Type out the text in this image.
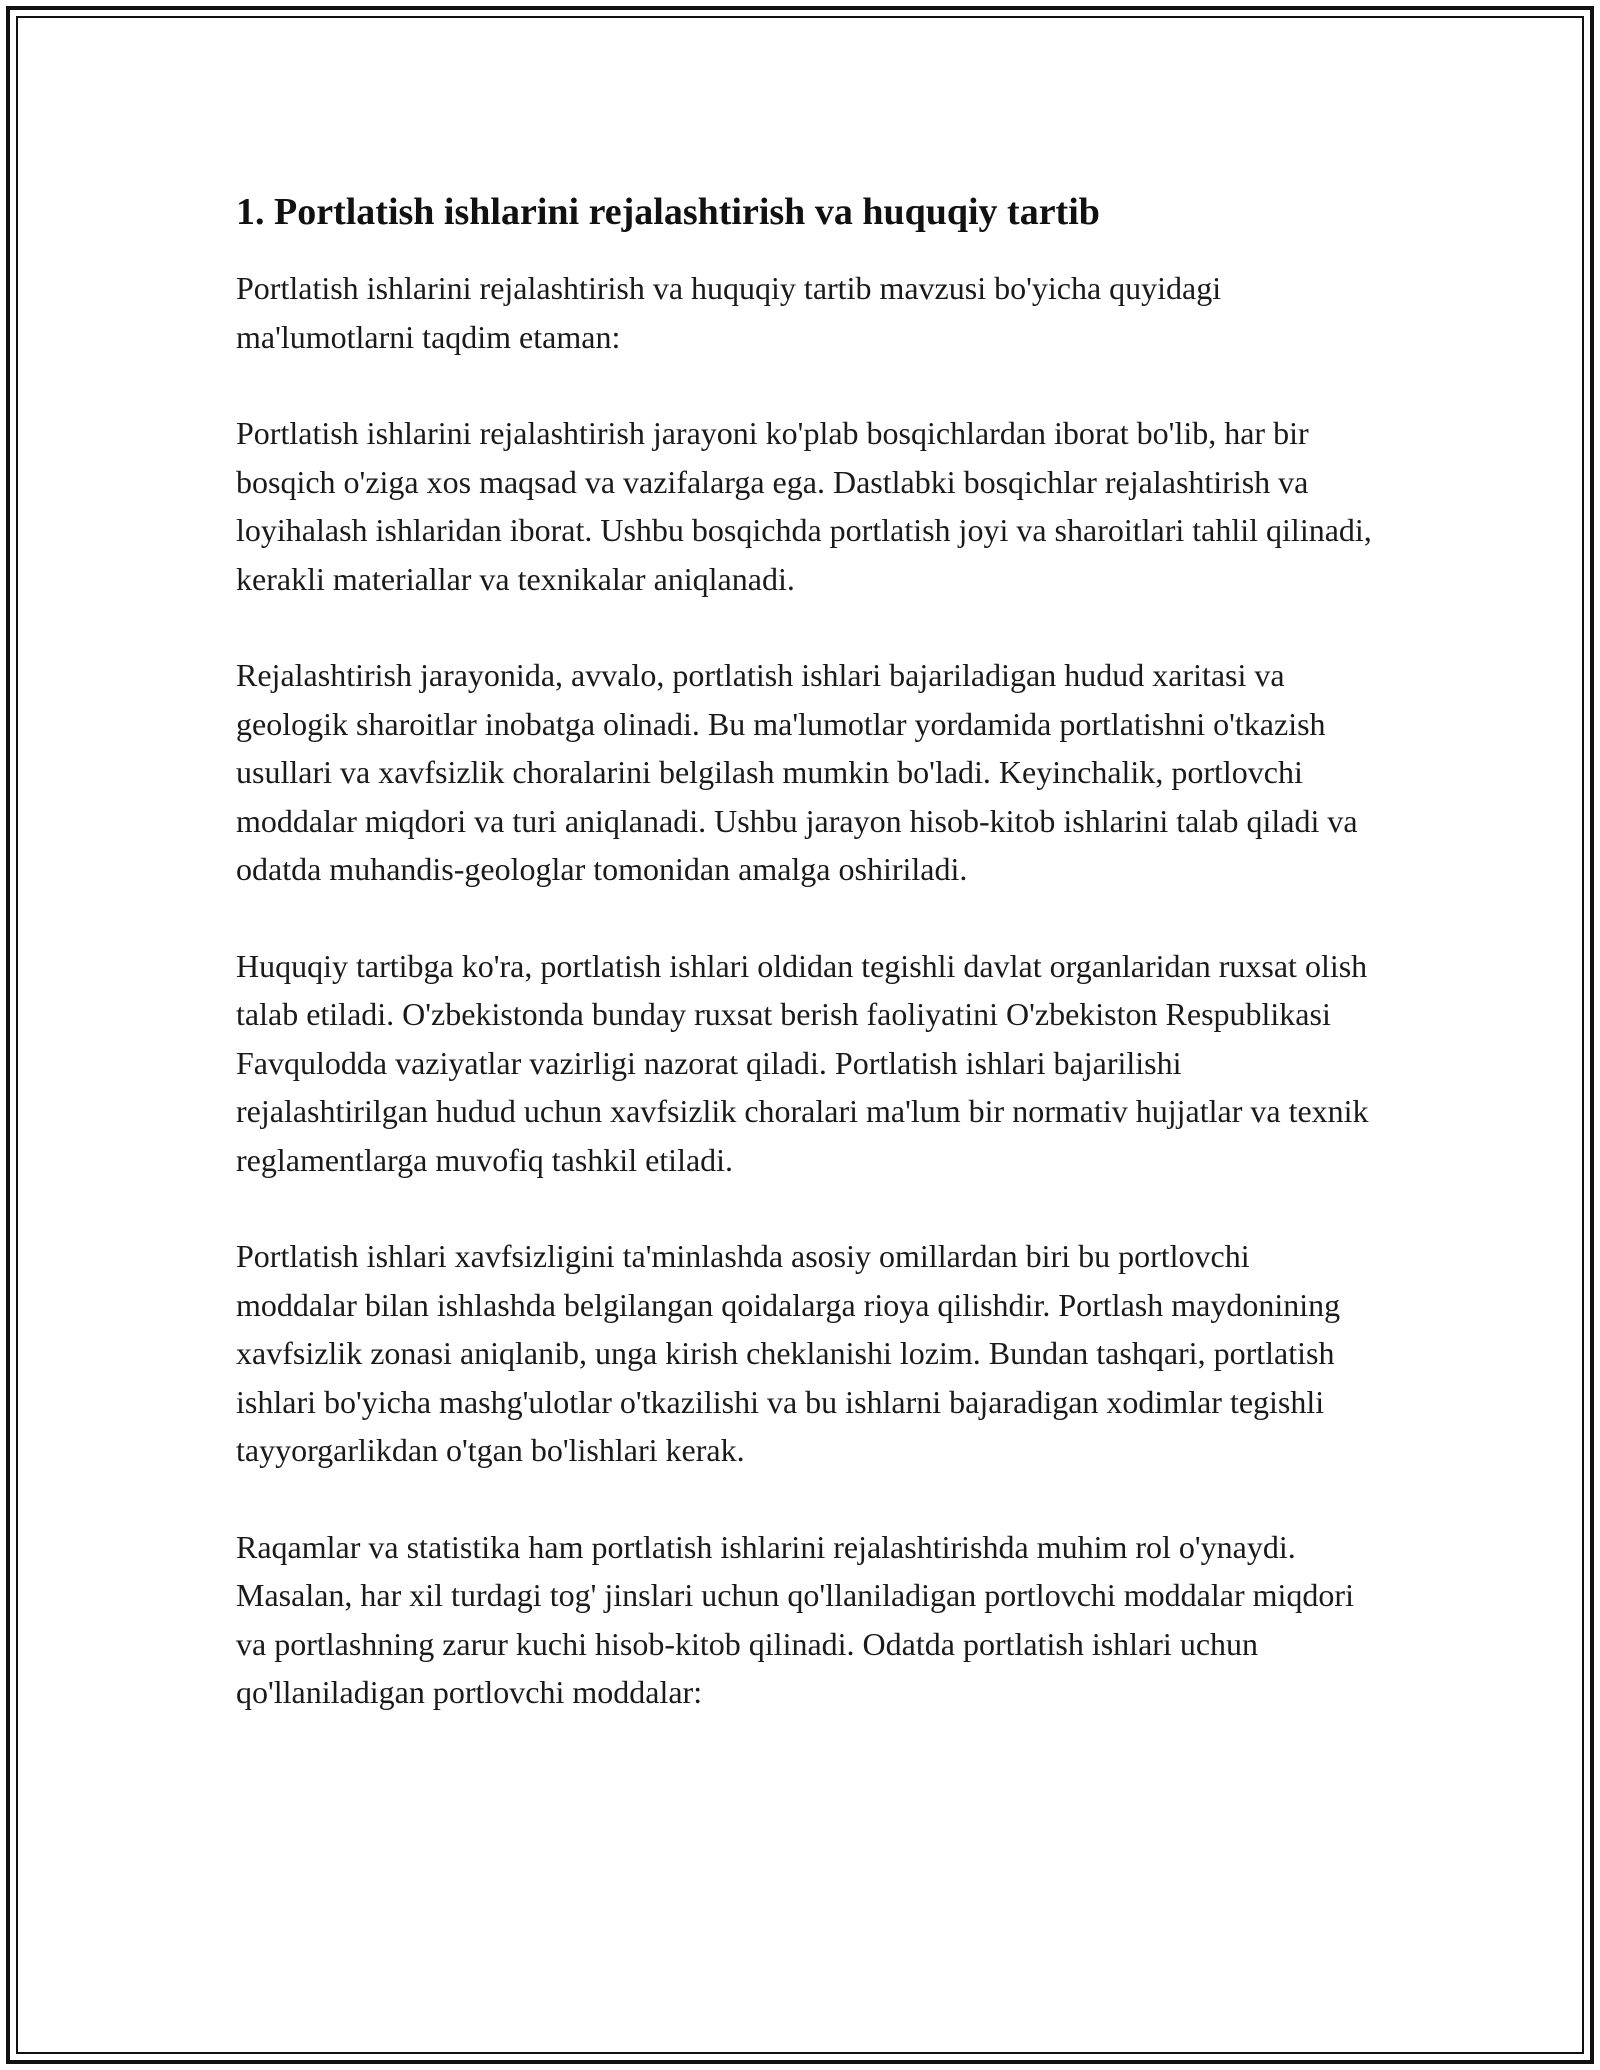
1. Portlatish ishlarini rejalashtirish va huquqiy tartib

Portlatish ishlarini rejalashtirish va huquqiy tartib mavzusi bo'yicha quyidagi ma'lumotlarni taqdim etaman:

Portlatish ishlarini rejalashtirish jarayoni ko'plab bosqichlardan iborat bo'lib, har bir bosqich o'ziga xos maqsad va vazifalarga ega. Dastlabki bosqichlar rejalashtirish va loyihalash ishlaridan iborat. Ushbu bosqichda portlatish joyi va sharoitlari tahlil qilinadi, kerakli materiallar va texnikalar aniqlanadi.

Rejalashtirish jarayonida, avvalo, portlatish ishlari bajariladigan hudud xaritasi va geologik sharoitlar inobatga olinadi. Bu ma'lumotlar yordamida portlatishni o'tkazish usullari va xavfsizlik choralarini belgilash mumkin bo'ladi. Keyinchalik, portlovchi moddalar miqdori va turi aniqlanadi. Ushbu jarayon hisob-kitob ishlarini talab qiladi va odatda muhandis-geologlar tomonidan amalga oshiriladi.

Huquqiy tartibga ko'ra, portlatish ishlari oldidan tegishli davlat organlaridan ruxsat olish talab etiladi. O'zbekistonda bunday ruxsat berish faoliyatini O'zbekiston Respublikasi Favqulodda vaziyatlar vazirligi nazorat qiladi. Portlatish ishlari bajarilishi rejalashtirilgan hudud uchun xavfsizlik choralari ma'lum bir normativ hujjatlar va texnik reglamentlarga muvofiq tashkil etiladi.

Portlatish ishlari xavfsizligini ta'minlashda asosiy omillardan biri bu portlovchi moddalar bilan ishlashda belgilangan qoidalarga rioya qilishdir. Portlash maydonining xavfsizlik zonasi aniqlanib, unga kirish cheklanishi lozim. Bundan tashqari, portlatish ishlari bo'yicha mashg'ulotlar o'tkazilishi va bu ishlarni bajaradigan xodimlar tegishli tayyorgarlikdan o'tgan bo'lishlari kerak.

Raqamlar va statistika ham portlatish ishlarini rejalashtirishda muhim rol o'ynaydi. Masalan, har xil turdagi tog' jinslari uchun qo'llaniladigan portlovchi moddalar miqdori va portlashning zarur kuchi hisob-kitob qilinadi. Odatda portlatish ishlari uchun qo'llaniladigan portlovchi moddalar:
